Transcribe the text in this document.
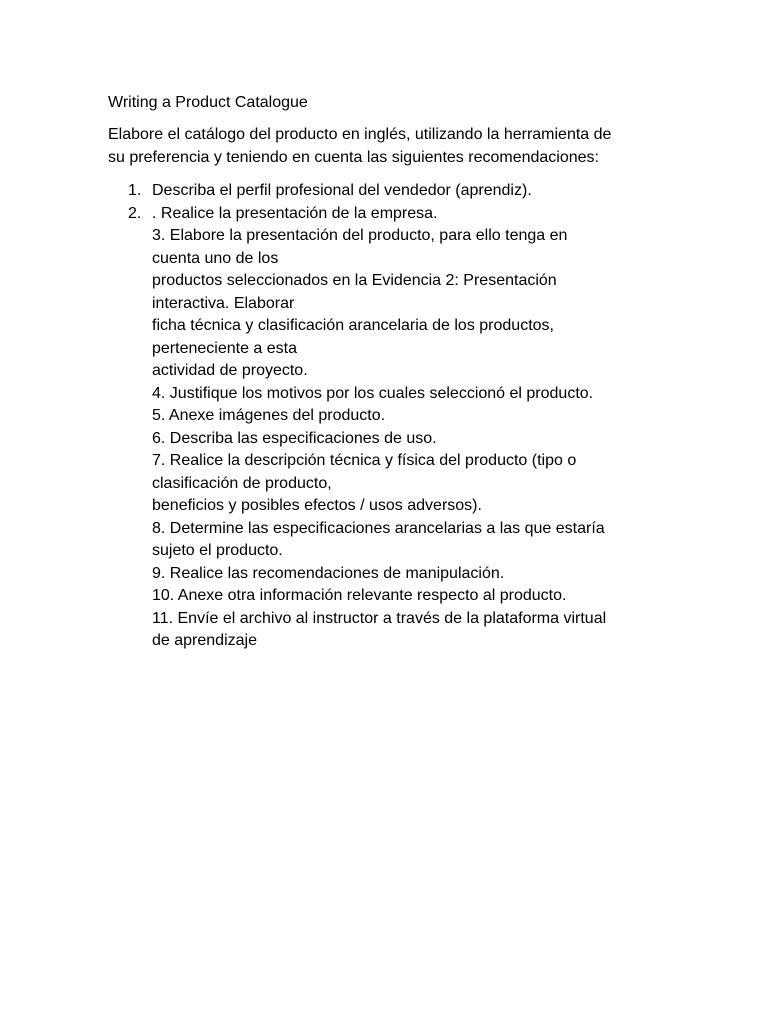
Writing a Product Catalogue
Elabore el catálogo del producto en inglés, utilizando la herramienta de
su preferencia y teniendo en cuenta las siguientes recomendaciones:
1. Describa el perfil profesional del vendedor (aprendiz).
2. . Realice la presentación de la empresa.
3. Elabore la presentación del producto, para ello tenga en
cuenta uno de los
productos seleccionados en la Evidencia 2: Presentación
interactiva. Elaborar
ficha técnica y clasificación arancelaria de los productos,
perteneciente a esta
actividad de proyecto.
4. Justifique los motivos por los cuales seleccionó el producto.
5. Anexe imágenes del producto.
6. Describa las especificaciones de uso.
7. Realice la descripción técnica y física del producto (tipo o
clasificación de producto,
beneficios y posibles efectos / usos adversos).
8. Determine las especificaciones arancelarias a las que estaría
sujeto el producto.
9. Realice las recomendaciones de manipulación.
10. Anexe otra información relevante respecto al producto.
11. Envíe el archivo al instructor a través de la plataforma virtual
de aprendizaje
